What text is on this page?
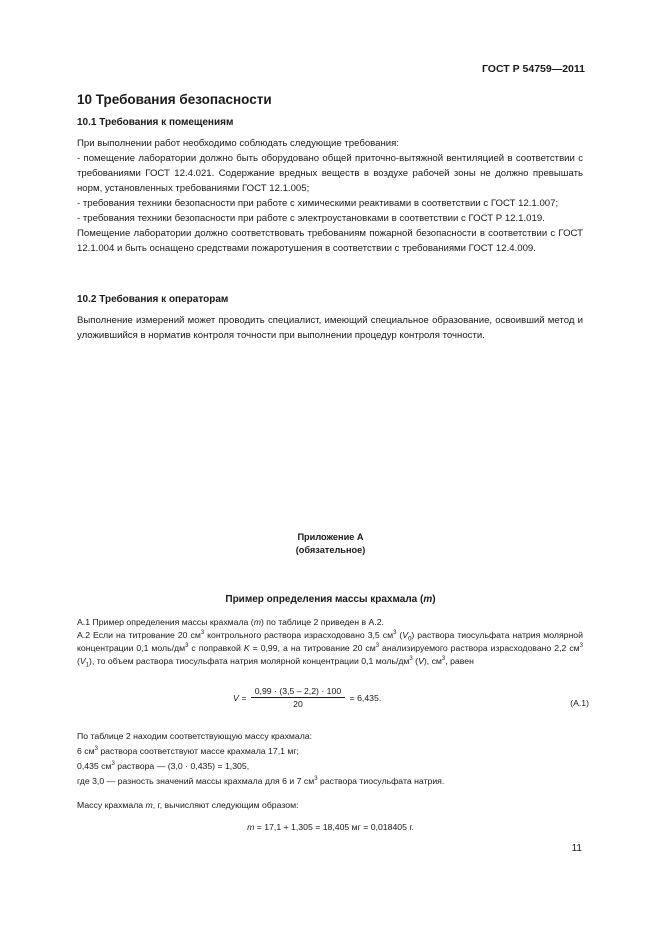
ГОСТ Р 54759—2011
10 Требования безопасности
10.1 Требования к помещениям

При выполнении работ необходимо соблюдать следующие требования:

- помещение лаборатории должно быть оборудовано общей приточно-вытяжной вентиляцией в соответствии с требованиями ГОСТ 12.4.021. Содержание вредных веществ в воздухе рабочей зоны не должно превышать норм, установленных требованиями ГОСТ 12.1.005;

- требования техники безопасности при работе с химическими реактивами в соответствии с ГОСТ 12.1.007;

- требования техники безопасности при работе с электроустановками в соответствии с ГОСТ Р 12.1.019.

Помещение лаборатории должно соответствовать требованиям пожарной безопасности в соответствии с ГОСТ 12.1.004 и быть оснащено средствами пожаротушения в соответствии с требованиями ГОСТ 12.4.009.

10.2 Требования к операторам

Выполнение измерений может проводить специалист, имеющий специальное образование, освоивший метод и уложившийся в норматив контроля точности при выполнении процедур контроля точности.

Приложение А
(обязательное)
Пример определения массы крахмала (m)

А.1 Пример определения массы крахмала (m) по таблице 2 приведен в А.2.

А.2 Если на титрование 20 $см^3$ контрольного раствора израсходовано 3,5 $см^3$ $(V_0)$ раствора тиосульфата натрия молярной концентрации 0,1 моль/$дм^3$ с поправкой K = 0,99, а на титрование 20 $см^3$ анализируемого раствора израсходовано 2,2 $см^3$ $(V_1)$, то объем раствора тиосульфата натрия молярной концентрации 0,1 моль/$дм^3$ (V), $см^3$, равен

$V = \frac{0,99 \cdot (3,5 - 2,2) \cdot 100}{20} = 6,435$.
(А.1)
По таблице 2 находим соответствующую массу крахмала:
6 $см^3$ раствора соответствуют массе крахмала 17,1 мг;
0,435 $см^3$ раствора — (3,0 · 0,435) = 1,305,
где 3,0 — разность значений массы крахмала для 6 и 7 $см^3$ раствора тиосульфата натрия.
Массу крахмала m, г, вычисляют следующим образом:
m = 17,1 + 1,305 = 18,405 мг = 0,018405 г.
11
